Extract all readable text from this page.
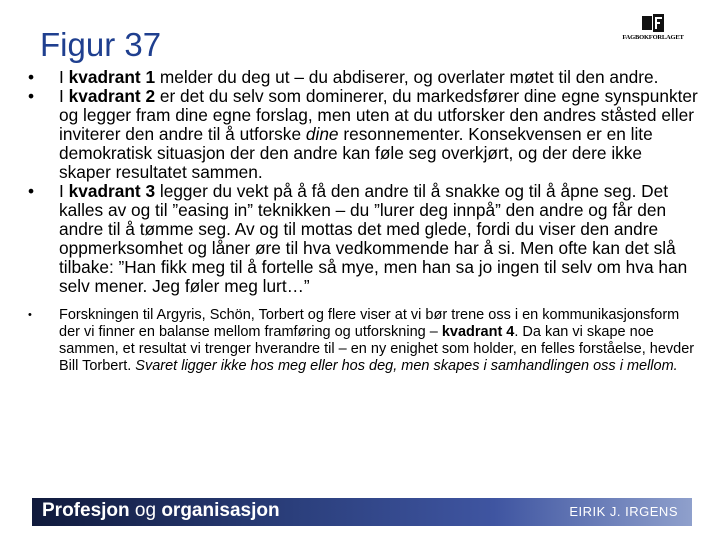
Figur 37	FAGBOKFORLAGET
•	I kvadrant 1 melder du deg ut – du abdiserer, og overlater møtet til den andre.
•	I kvadrant 2 er det du selv som dominerer, du markedsfører dine egne synspunkter og legger fram dine egne forslag, men uten at du utforsker den andres ståsted eller inviterer den andre til å utforske dine resonnementer. Konsekvensen er en lite demokratisk situasjon der den andre kan føle seg overkjørt, og der dere ikke skaper resultatet sammen.
•	I kvadrant 3 legger du vekt på å få den andre til å snakke og til å åpne seg. Det kalles av og til ”easing in” teknikken – du ”lurer deg innpå” den andre og får den andre til å tømme seg. Av og til mottas det med glede, fordi du viser den andre oppmerksomhet og låner øre til hva vedkommende har å si. Men ofte kan det slå tilbake: ”Han fikk meg til å fortelle så mye, men han sa jo ingen til selv om hva han selv mener. Jeg føler meg lurt…”
•	Forskningen til Argyris, Schön, Torbert og flere viser at vi bør trene oss i en kommunikasjonsform der vi finner en balanse mellom framføring og utforskning – kvadrant 4. Da kan vi skape noe sammen, et resultat vi trenger hverandre til – en ny enighet som holder, en felles forståelse, hevder Bill Torbert. Svaret ligger ikke hos meg eller hos deg, men skapes i samhandlingen oss i mellom.
Profesjon og organisasjon	EIRIK J. IRGENS
